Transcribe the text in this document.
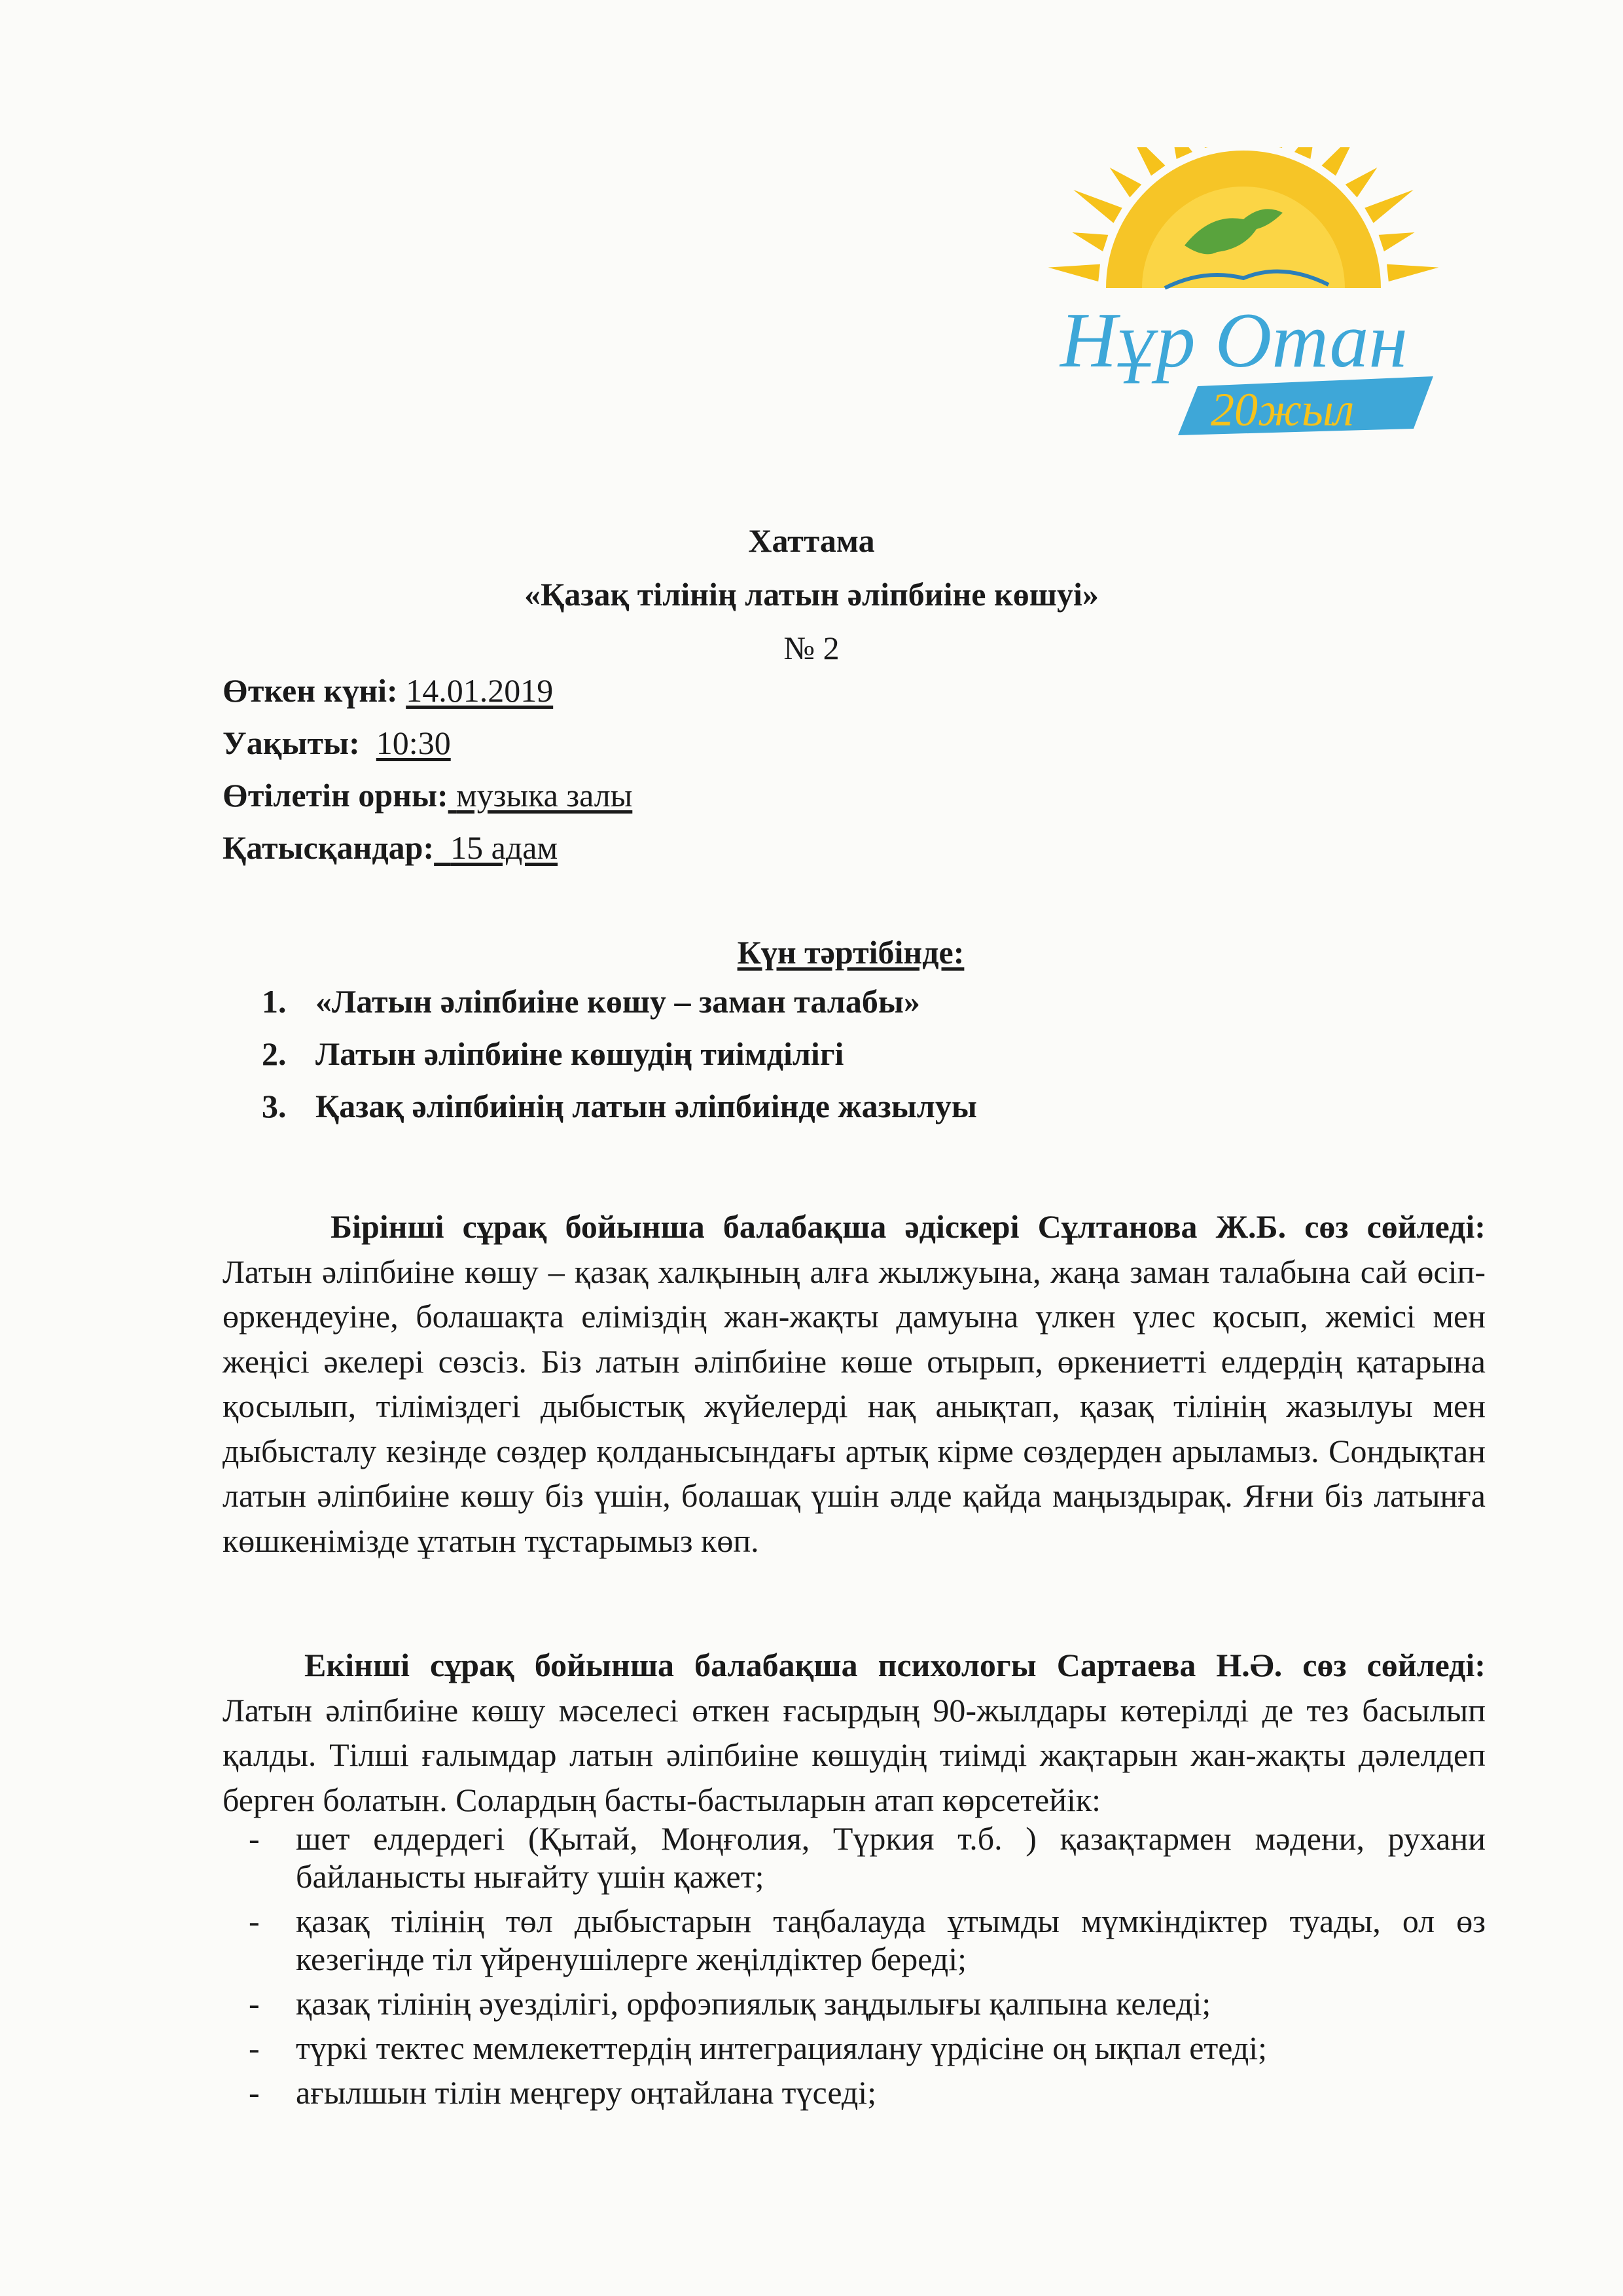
Нұр Отан
20жыл
Хаттама
«Қазақ тілінің латын әліпбиіне көшуі»
№ 2
Өткен күні: 14.01.2019
Уақыты: 10:30
Өтілетін орны: музыка залы
Қатысқандар: 15 адам
Күн тәртібінде:
1. «Латын әліпбиіне көшу – заман талабы»
2. Латын әліпбиіне көшудің тиімділігі
3. Қазақ әліпбиінің латын әліпбиінде жазылуы

Бірінші сұрақ бойынша балабақша әдіскері Сұлтанова Ж.Б. сөз сөйледі: Латын әліпбиіне көшу – қазақ халқының алға жылжуына, жаңа заман талабына сай өсіп-өркендеуіне, болашақта еліміздің жан-жақты дамуына үлкен үлес қосып, жемісі мен жеңісі әкелері сөзсіз. Біз латын әліпбиіне көше отырып, өркениетті елдердің қатарына қосылып, тіліміздегі дыбыстық жүйелерді нақ анықтап, қазақ тілінің жазылуы мен дыбысталу кезінде сөздер қолданысындағы артық кірме сөздерден арыламыз. Сондықтан латын әліпбиіне көшу біз үшін, болашақ үшін әлде қайда маңыздырақ. Яғни біз латынға көшкенімізде ұтатын тұстарымыз көп.

Екінші сұрақ бойынша балабақша психологы Сартаева Н.Ә. сөз сөйледі: Латын әліпбиіне көшу мәселесі өткен ғасырдың 90-жылдары көтерілді де тез басылып қалды. Тілші ғалымдар латын әліпбиіне көшудің тиімді жақтарын жан-жақты дәлелдеп берген болатын. Солардың басты-бастыларын атап көрсетейік:

- шет елдердегі (Қытай, Моңғолия, Түркия т.б. ) қазақтармен мәдени, рухани байланысты нығайту үшін қажет;
- қазақ тілінің төл дыбыстарын таңбалауда ұтымды мүмкіндіктер туады, ол өз кезегінде тіл үйренушілерге жеңілдіктер береді;
- қазақ тілінің әуезділігі, орфоэпиялық заңдылығы қалпына келеді;
- түркі тектес мемлекеттердің интеграциялану үрдісіне оң ықпал етеді;
- ағылшын тілін меңгеру оңтайлана түседі;
